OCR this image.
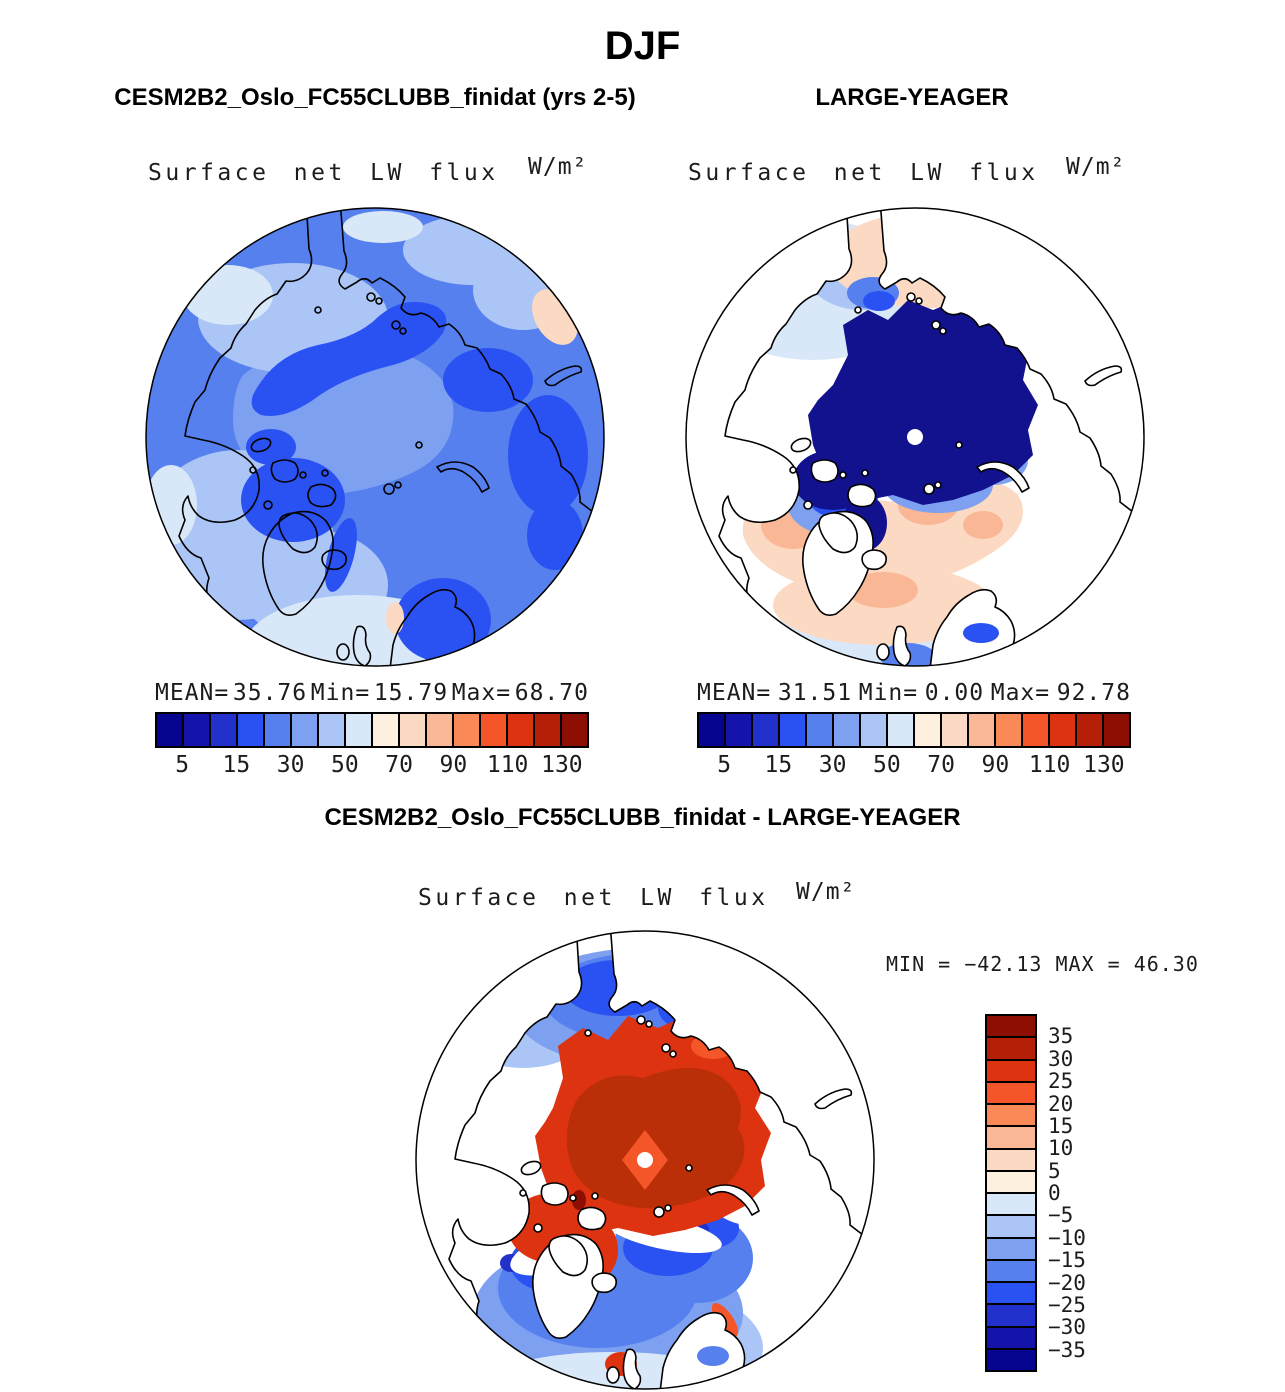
DJF
CESM2B2_Oslo_FC55CLUBB_finidat (yrs 2-5)	LARGE-YEAGER
Surface net LW flux W/m²	Surface net LW flux W/m²
MEAN= 35.76 Min= 15.79 Max= 68.70	MEAN= 31.51 Min= 0.00 Max= 92.78
5 15 30 50 70 90 110 130	5 15 30 50 70 90 110 130
CESM2B2_Oslo_FC55CLUBB_finidat - LARGE-YEAGER
Surface net LW flux W/m²
MIN = −42.13 MAX = 46.30
35
30
25
20
15
10
5
0
−5
−10
−15
−20
−25
−30
−35
